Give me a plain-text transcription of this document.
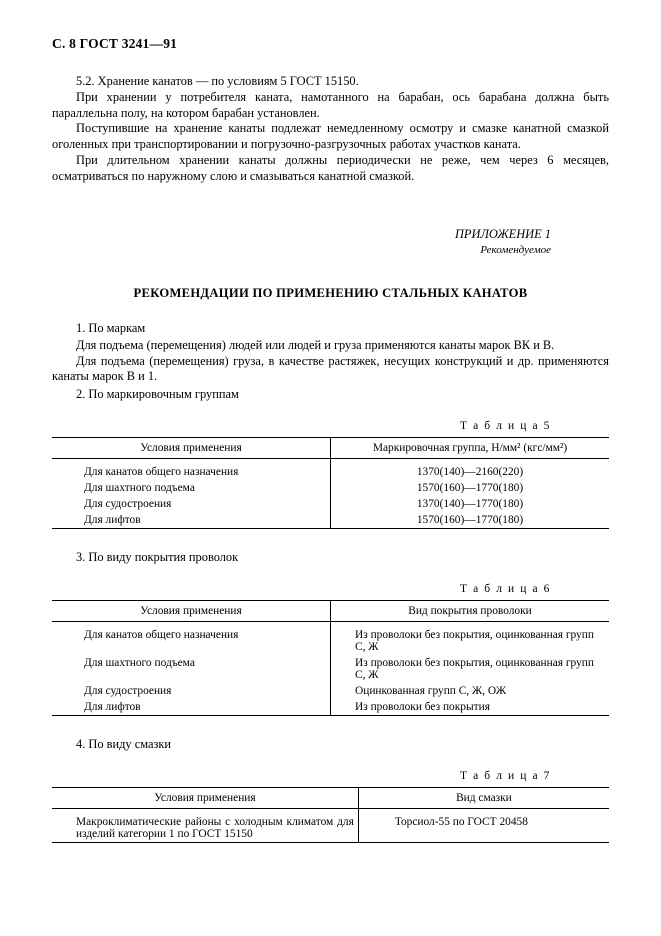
С. 8 ГОСТ 3241—91
5.2. Хранение канатов — по условиям 5 ГОСТ 15150.
При хранении у потребителя каната, намотанного на барабан, ось барабана должна быть параллельна полу, на котором барабан установлен.
Поступившие на хранение канаты подлежат немедленному осмотру и смазке канатной смазкой оголенных при транспортировании и погрузочно-разгрузочных работах участков каната.
При длительном хранении канаты должны периодически не реже, чем через 6 месяцев, осматриваться по наружному слою и смазываться канатной смазкой.
ПРИЛОЖЕНИЕ 1
Рекомендуемое
РЕКОМЕНДАЦИИ ПО ПРИМЕНЕНИЮ СТАЛЬНЫХ КАНАТОВ
1. По маркам
Для подъема (перемещения) людей или людей и груза применяются канаты марок ВК и В.
Для подъема (перемещения) груза, в качестве растяжек, несущих конструкций и др. применяются канаты марок В и 1.
2. По маркировочным группам
Т а б л и ц а 5
Условия применения	Маркировочная группа, Н/мм² (кгс/мм²)
Для канатов общего назначения	1370(140)—2160(220)
Для шахтного подъема	1570(160)—1770(180)
Для судостроения	1370(140)—1770(180)
Для лифтов	1570(160)—1770(180)

3. По виду покрытия проволок
Т а б л и ц а 6
Условия применения	Вид покрытия проволоки
Для канатов общего назначения	Из проволоки без покрытия, оцинкованная групп С, Ж
Для шахтного подъема	Из проволоки без покрытия, оцинкованная групп С, Ж
Для судостроения	Оцинкованная групп С, Ж, ОЖ
Для лифтов	Из проволоки без покрытия

4. По виду смазки
Т а б л и ц а 7
Условия применения	Вид смазки
Макроклиматические районы с холодным климатом для изделий категории 1 по ГОСТ 15150	Торсиол-55 по ГОСТ 20458
